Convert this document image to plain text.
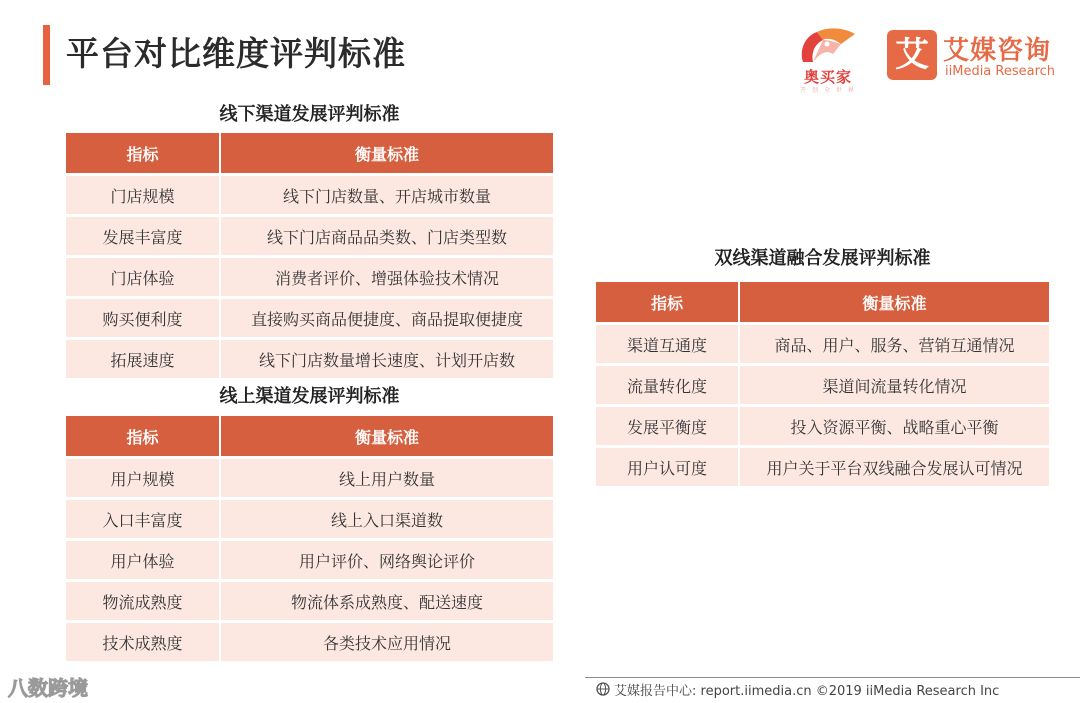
平台对比维度评判标准
奥买家
开 创 全 世 界
艾 艾媒咨询
iiMedia Research
线下渠道发展评判标准
指标	衡量标准
门店规模	线下门店数量、开店城市数量
发展丰富度	线下门店商品品类数、门店类型数
门店体验	消费者评价、增强体验技术情况
购买便利度	直接购买商品便捷度、商品提取便捷度
拓展速度	线下门店数量增长速度、计划开店数
线上渠道发展评判标准
指标	衡量标准
用户规模	线上用户数量
入口丰富度	线上入口渠道数
用户体验	用户评价、网络舆论评价
物流成熟度	物流体系成熟度、配送速度
技术成熟度	各类技术应用情况
双线渠道融合发展评判标准
指标	衡量标准
渠道互通度	商品、用户、服务、营销互通情况
流量转化度	渠道间流量转化情况
发展平衡度	投入资源平衡、战略重心平衡
用户认可度	用户关于平台双线融合发展认可情况
艾媒报告中心: report.iimedia.cn ©2019 iiMedia Research Inc
八数跨境
